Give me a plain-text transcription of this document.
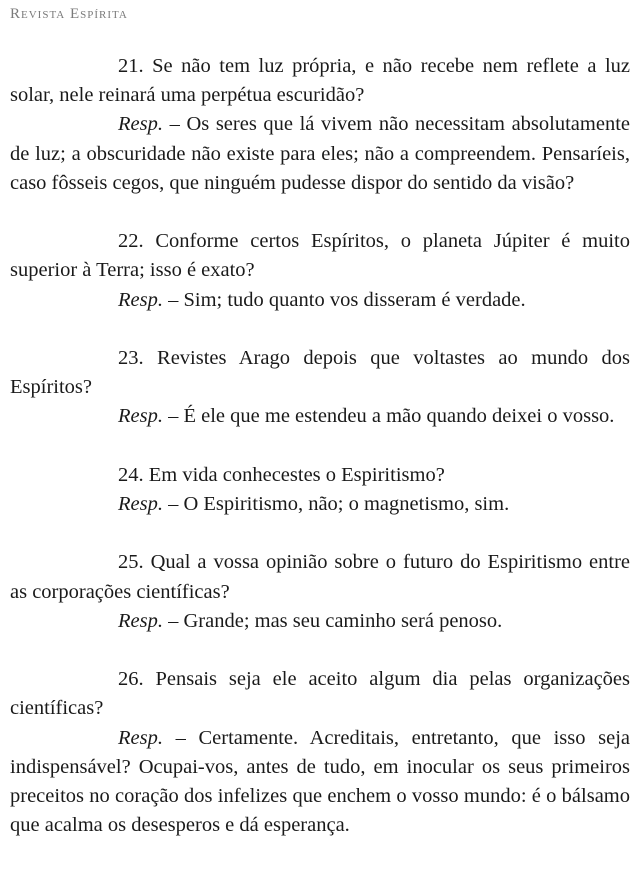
Revista Espírita

21. Se não tem luz própria, e não recebe nem reflete a luz solar, nele reinará uma perpétua escuridão?

Resp. – Os seres que lá vivem não necessitam absolutamente de luz; a obscuridade não existe para eles; não a compreendem. Pensaríeis, caso fôsseis cegos, que ninguém pudesse dispor do sentido da visão?

22. Conforme certos Espíritos, o planeta Júpiter é muito superior à Terra; isso é exato?

Resp. – Sim; tudo quanto vos disseram é verdade.

23. Revistes Arago depois que voltastes ao mundo dos Espíritos?

Resp. – É ele que me estendeu a mão quando deixei o vosso.

24. Em vida conhecestes o Espiritismo?

Resp. – O Espiritismo, não; o magnetismo, sim.

25. Qual a vossa opinião sobre o futuro do Espiritismo entre as corporações científicas?

Resp. – Grande; mas seu caminho será penoso.

26. Pensais seja ele aceito algum dia pelas organizações científicas?

Resp. – Certamente. Acreditais, entretanto, que isso seja indispensável? Ocupai-vos, antes de tudo, em inocular os seus primeiros preceitos no coração dos infelizes que enchem o vosso mundo: é o bálsamo que acalma os desesperos e dá esperança.
